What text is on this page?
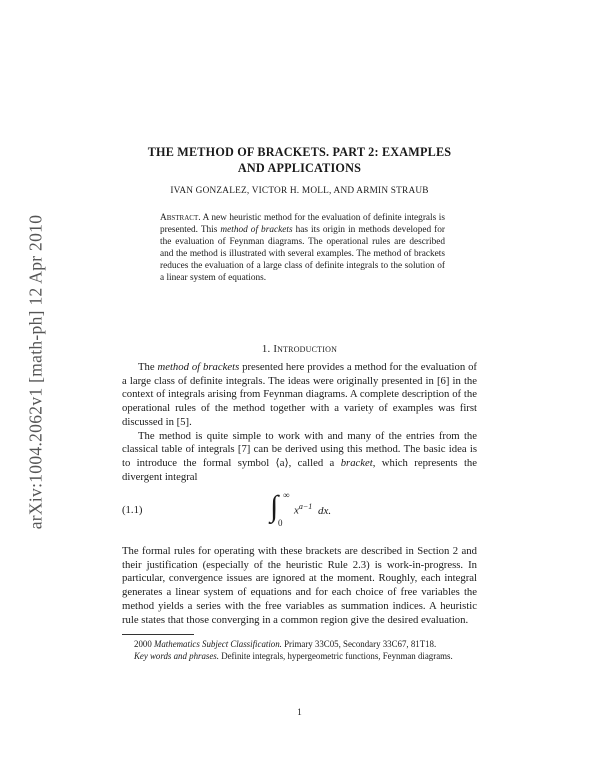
arXiv:1004.2062v1 [math-ph] 12 Apr 2010
THE METHOD OF BRACKETS. PART 2: EXAMPLES
AND APPLICATIONS
IVAN GONZALEZ, VICTOR H. MOLL, AND ARMIN STRAUB
Abstract. A new heuristic method for the evaluation of definite integrals is presented. This method of brackets has its origin in methods developed for the evaluation of Feynman diagrams. The operational rules are described and the method is illustrated with several examples. The method of brackets reduces the evaluation of a large class of definite integrals to the solution of a linear system of equations.
1. Introduction

The method of brackets presented here provides a method for the evaluation of a large class of definite integrals. The ideas were originally presented in [6] in the context of integrals arising from Feynman diagrams. A complete description of the operational rules of the method together with a variety of examples was first discussed in [5].

The method is quite simple to work with and many of the entries from the classical table of integrals [7] can be derived using this method. The basic idea is to introduce the formal symbol ⟨a⟩, called a bracket, which represents the divergent integral

(1.1)	∫ ∞
0
$x^{a-1}$ dx.

The formal rules for operating with these brackets are described in Section 2 and their justification (especially of the heuristic Rule 2.3) is work-in-progress. In particular, convergence issues are ignored at the moment. Roughly, each integral generates a linear system of equations and for each choice of free variables the method yields a series with the free variables as summation indices. A heuristic rule states that those converging in a common region give the desired evaluation.

2000 Mathematics Subject Classification. Primary 33C05, Secondary 33C67, 81T18.

Key words and phrases. Definite integrals, hypergeometric functions, Feynman diagrams.

1
